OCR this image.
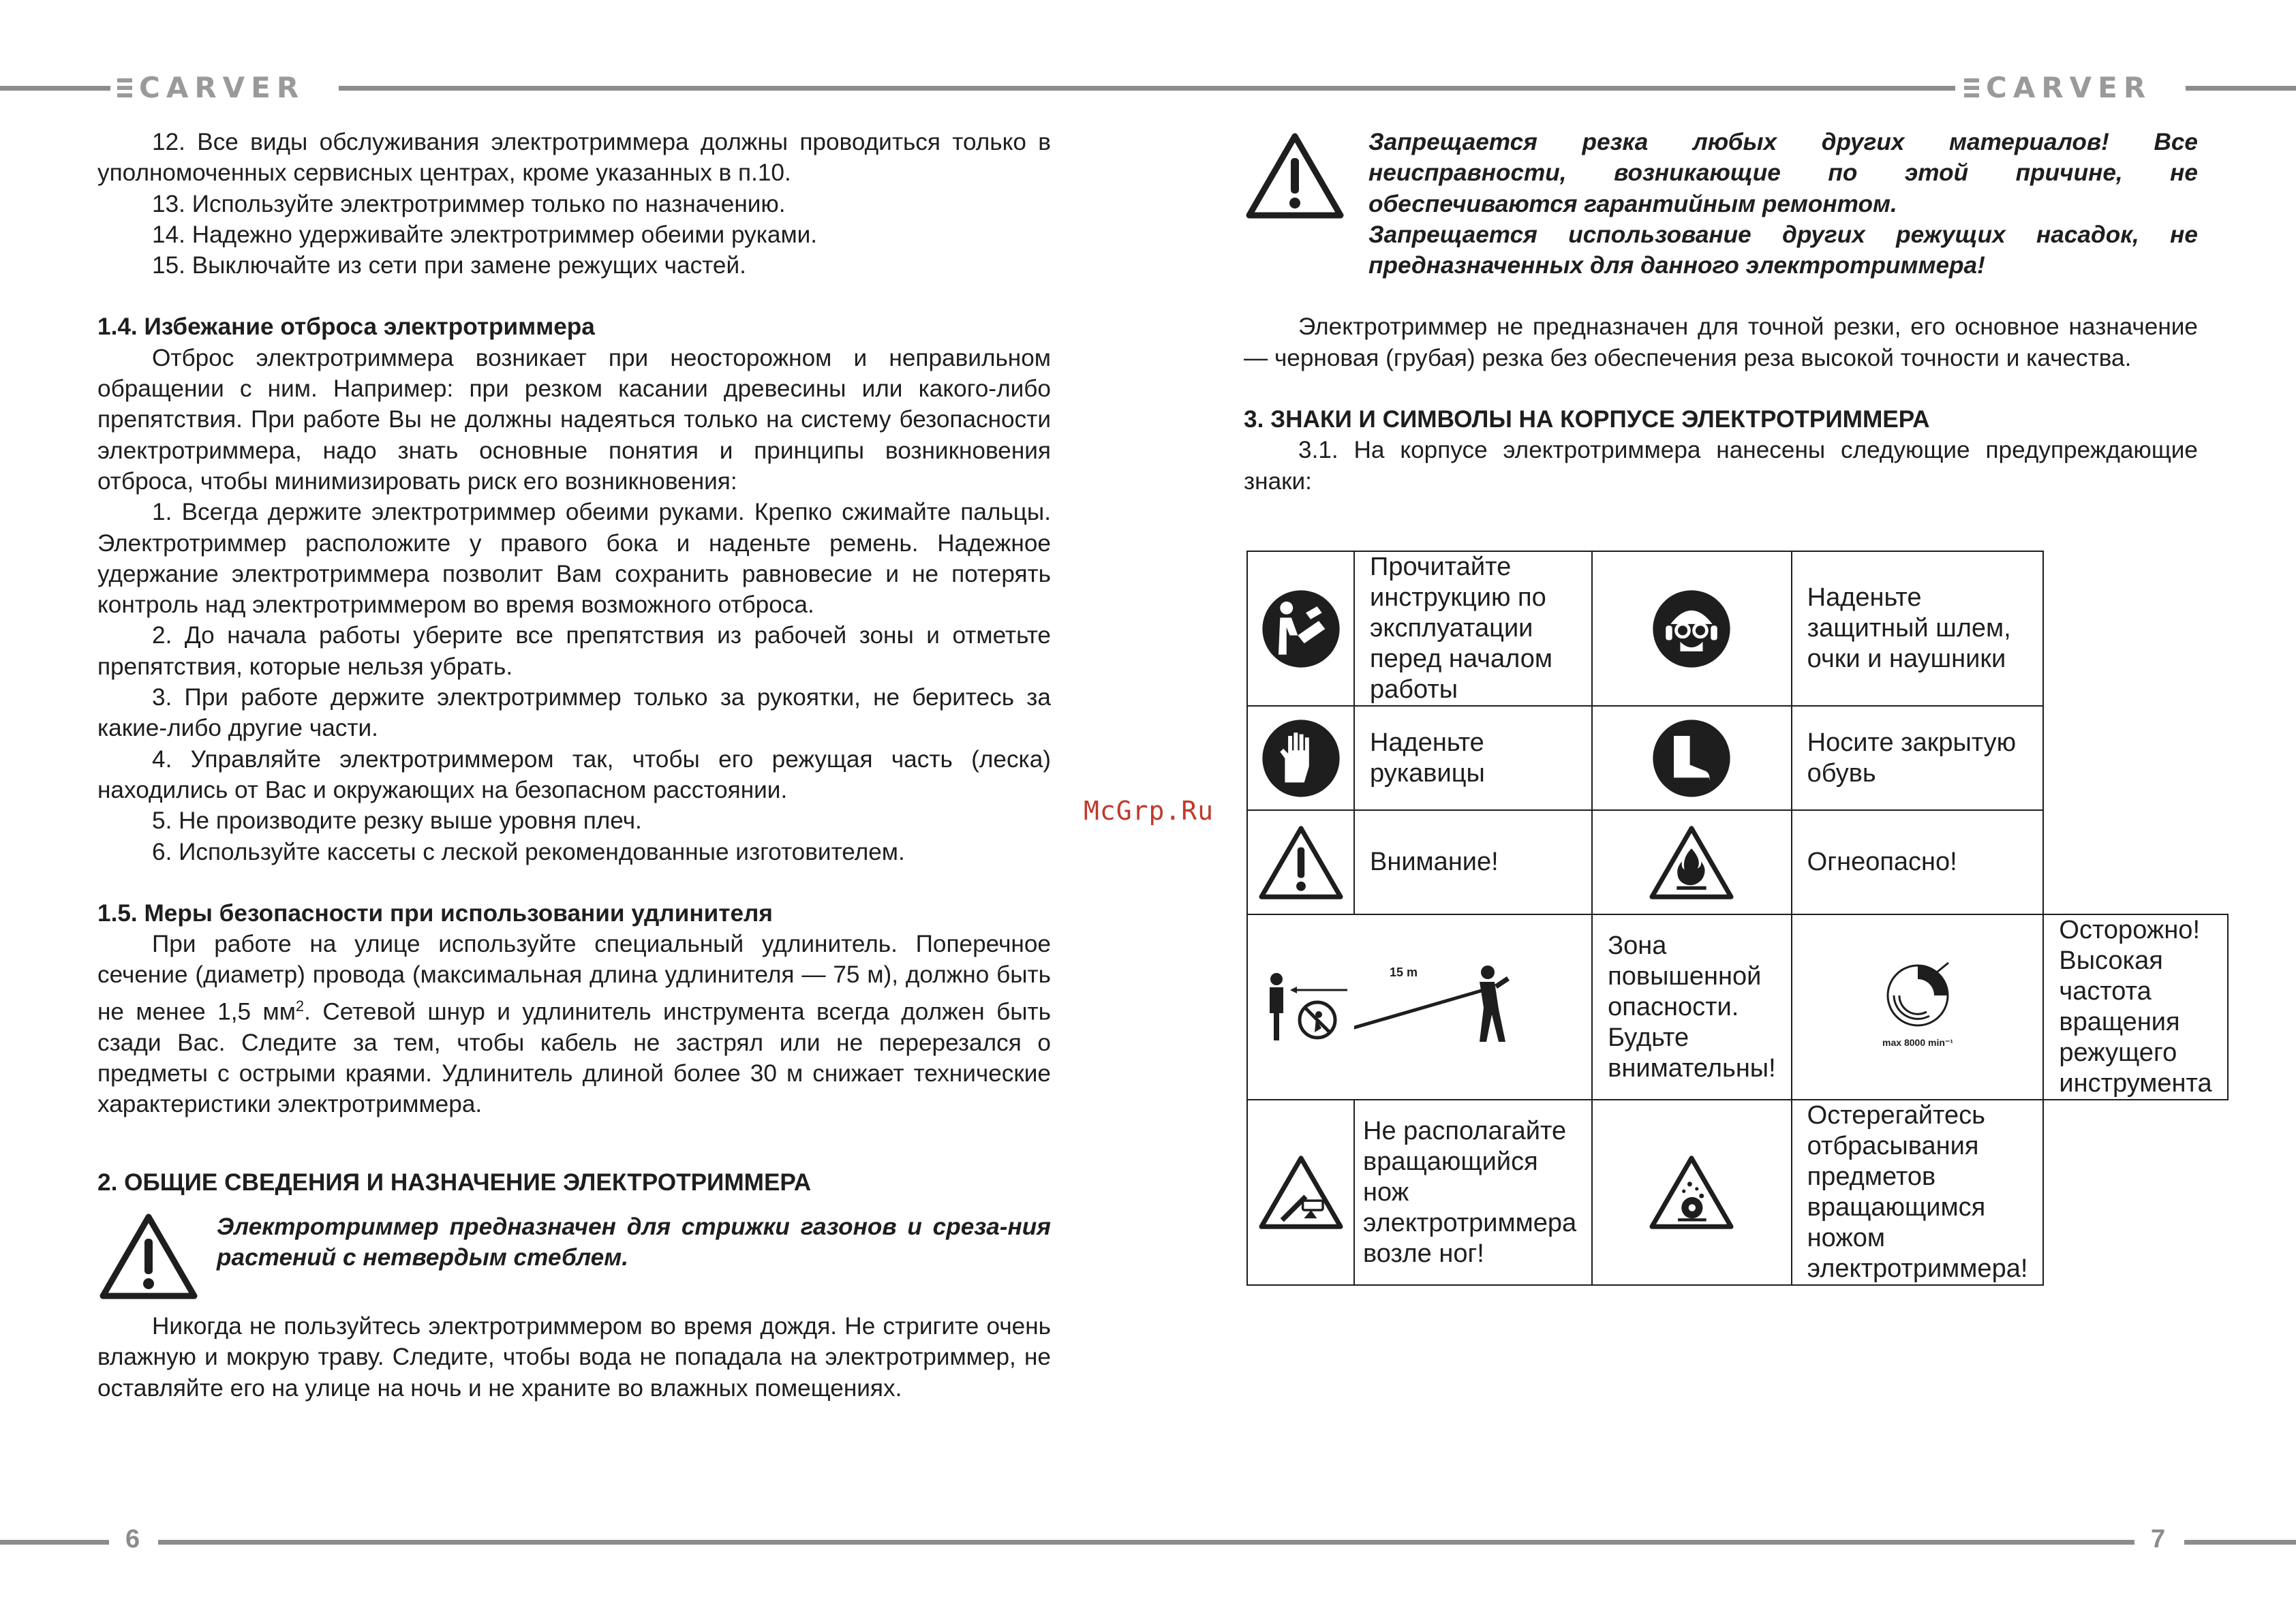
CARVER	CARVER
6	7
McGrp.Ru

12. Все виды обслуживания электротриммера должны проводиться только в уполномоченных сервисных центрах, кроме указанных в п.10.

13. Используйте электротриммер только по назначению.

14. Надежно удерживайте электротриммер обеими руками.

15. Выключайте из сети при замене режущих частей.

1.4. Избежание отброса электротриммера

Отброс электротриммера возникает при неосторожном и неправильном обращении с ним. Например: при резком касании древесины или какого-либо препятствия. При работе Вы не должны надеяться только на систему безопасности электротриммера, надо знать основные понятия и принципы возникновения отброса, чтобы минимизировать риск его возникновения:

1. Всегда держите электротриммер обеими руками. Крепко сжимайте пальцы. Электротриммер расположите у правого бока и наденьте ремень. Надежное удержание электротриммера позволит Вам сохранить равновесие и не потерять контроль над электротриммером во время возможного отброса.

2. До начала работы уберите все препятствия из рабочей зоны и отметьте препятствия, которые нельзя убрать.

3. При работе держите электротриммер только за рукоятки, не беритесь за какие-либо другие части.

4. Управляйте электротриммером так, чтобы его режущая часть (леска) находились от Вас и окружающих на безопасном расстоянии.

5. Не производите резку выше уровня плеч.

6. Используйте кассеты с леской рекомендованные изготовителем.

1.5. Меры безопасности при использовании удлинителя

При работе на улице используйте специальный удлинитель. Поперечное сечение (диаметр) провода (максимальная длина удлинителя — 75 м), должно быть не менее 1,5 $мм^2$. Сетевой шнур и удлинитель инструмента всегда должен быть сзади Вас. Следите за тем, чтобы кабель не застрял или не перерезался о предметы с острыми краями. Удлинитель длиной более 30 м снижает технические характеристики электротриммера.

2. ОБЩИЕ СВЕДЕНИЯ И НАЗНАЧЕНИЕ ЭЛЕКТРОТРИММЕРА

Электротриммер предназначен для стрижки газонов и среза-ния растений с нетвердым стеблем.

Никогда не пользуйтесь электротриммером во время дождя. Не стригите очень влажную и мокрую траву. Следите, чтобы вода не попадала на электротриммер, не оставляйте его на улице на ночь и не храните во влажных помещениях.

Запрещается резка любых других материалов! Все неисправности, возникающие по этой причине, не обеспечиваются гарантийным ремонтом.

Запрещается использование других режущих насадок, не предназначенных для данного электротриммера!

Электротриммер не предназначен для точной резки, его основное назначение — черновая (грубая) резка без обеспечения реза высокой точности и качества.

3. ЗНАКИ И СИМВОЛЫ НА КОРПУСЕ ЭЛЕКТРОТРИММЕРА

3.1. На корпусе электротриммера нанесены следующие предупреждающие знаки:

	Прочитайте инструкцию по эксплуатации перед началом работы		Наденьте защитный шлем, очки и наушники	

	Наденьте рукавицы		Носите закрытую обувь	

	Внимание!		Огнеопасно!	

15 m	Зона повышенной опасности. Будьте внимательны!	max 8000 min⁻¹	Осторожно! Высокая частота вращения режущего инструмента

	Не располагайте вращающийся нож электротриммера возле ног!		Остерегайтесь отбрасывания предметов вращающимся ножом электротриммера!	
